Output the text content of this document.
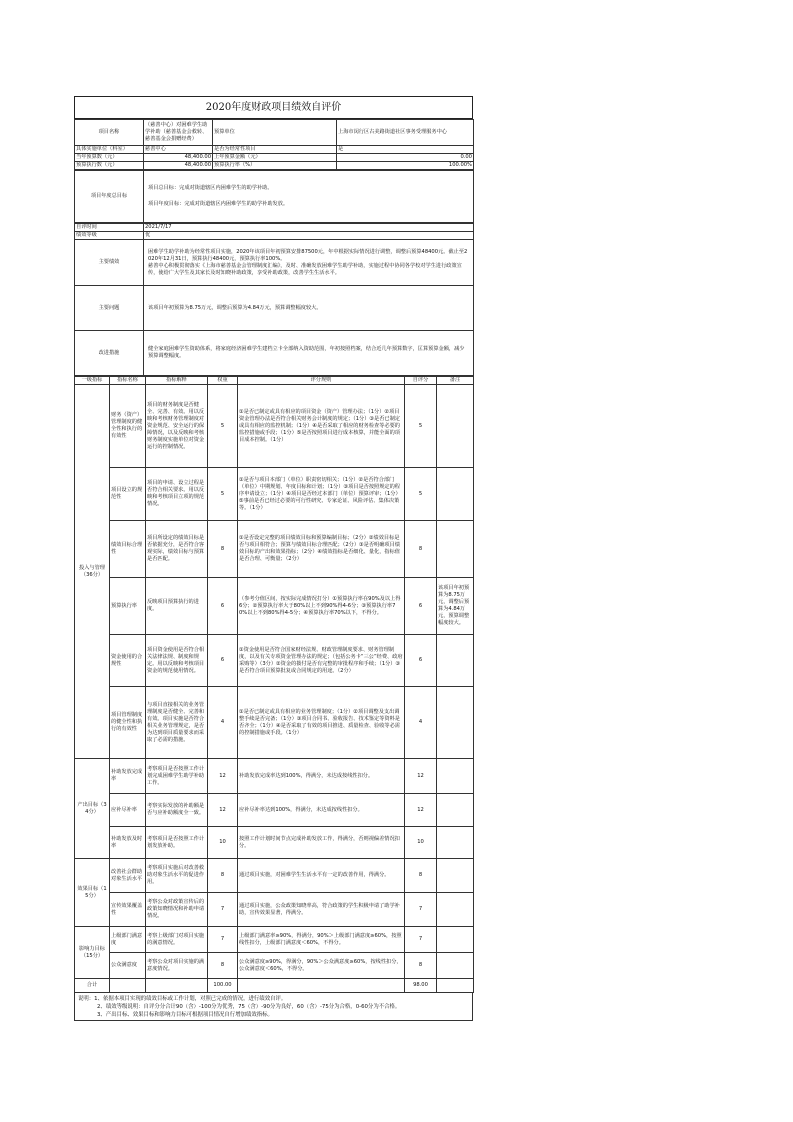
2020年度财政项目绩效自评价
项目名称	（慈善中心）对困难学生助学补助（慈善基金会救转、慈善基金会捐赠经费）	预算单位	上海市闵行区古美路街道社区事务受理服务中心
具体实施单位（科室）	慈善中心	是否为经常性项目	是
当年预算数（元）	48,400.00	上年预算金额（元）	0.00
预算执行数（元）	48,400.00	预算执行率（%）	100.00%
项目年度总目标	
项目总目标：完成对街道辖区内困难学生的助学补助。
项目年度目标：完成对街道辖区内困难学生的助学补助发放。
自评时间	2021/7/17
绩效等级	优
主要绩效	困难学生助学补助为经常性项目实施，2020年该项目年初预算安排87500元，年中根据实际情况进行调整，调整后预算48400元。截止至2020年12月31日，预算执行48400元，预算执行率100%。
慈善中心积极贯彻落实《上海市慈善基金会管理制度汇编》，及时、准确发放困难学生助学补助，实施过程中协同各学校对学生进行政策宣传，使给广大学生及其家长及时知晓补助政策，享受补助政策，改善学生生活水平。
主要问题	该项目年初预算为8.75万元，调整后预算为4.84万元，预算调整幅度较大。
改进措施	健全家庭困难学生资助体系，将家庭经济困难学生建档立卡全部纳入资助范围，年初按照档案，结合近几年预算数字，匡算预算金额，减少预算调整幅度。
一级指标	指标名称	指标解释	权重	评分规则	自评分	备注
投入与管理（36分）	财务（资产）管理制度的健全性和执行的有效性	项目的财务制度是否健全、完善、有效。用以反映和考核财务管理制度对资金规范、安全运行的保障情况，以及反映和考核财务制度实施单位对资金运行的控制情况。	5	①是否已制定或具有相应的项目资金（资产）管理办法；（1分）②项目资金管理办法是否符合相关财务会计制度的规定；（1分）③是否已制定或具有相应的监控机制；（1分）④是否采取了相应的财务检查等必要的监控措施或手段；（1分）⑤是否按照项目进行成本核算，并能全面的项目成本控制。（1分）	5	
	项目设立的规范性	项目的申请、设立过程是否符合相关要求。用以反映和考核项目立项的规范情况。	5	①是否与项目本部门（单位）职责密切相关；（1分）②是否符合部门（单位）中期规划、年度目标和计划；（1分）③项目是否按照规定的程序申请设立；（1分）④项目是否经过本部门（单位）预算评审；（1分）⑤事前是否已经过必要的可行性研究、专家论证、风险评估、集体决策等。（1分）	5	
	绩效目标合理性	项目所设定的绩效目标是否依据充分，是否符合客观实际，绩效目标与预算是否匹配。	8	①是否设定完整的项目绩效目标和预算编制目标；（2分）②绩效目标是否与项目相符合；预算与绩效目标合理匹配；（2分）③是否明确项目绩效目标的产出和效果指标；（2分）④绩效指标是否细化、量化，指标值是否合理、可衡量；（2分）	8	
	预算执行率	反映项目预算执行的进度。	6	（参考分值区间，按实际完成情况打分）①预算执行率在90%及以上得6分；②预算执行率大于80%以上不到90%得4-6分；③预算执行率70%以上不到80%得4-5分；④预算执行率70%以下，不得分。	6	该项目年初预算为8.75万元，调整后预算为4.84万元，预算调整幅度较大。
	资金使用的合规性	项目资金使用是否符合相关法律法规、制度和规定。用以反映和考核项目资金的规范使用情况。	6	①资金使用是否符合国家财经法规、财政管理制度要求、财务管理制度，以及有关专项资金管理办法的规定；（包括公务卡“三公”经费、政府采购等）（3分）②资金的拨付是否有完整的审批程序和手续；（1分）③是否符合项目预算批复或合同规定的用途。（2分）	6	
	项目管理制度的健全性和执行的有效性	与项目直接相关的业务管理制度是否健全、完善和有效。项目实施是否符合相关业务管理规定，是否为达到项目质量要求而采取了必需的措施。	4	①是否已制定或具有相应的业务管理制度；（1分）②项目调整及支出调整手续是否完备；（1分）③项目合同书、验收报告、技术鉴定等资料是否齐全；（1分）④是否采取了有效的项目推进、质量检查、验收等必需的控制措施或手段。（1分）	4	
产出目标（34分）	补助发放完成率	考察项目是否按照工作计划完成困难学生助学补助工作。	12	补助发放完成率达到100%，得满分，未达成按线性扣分。	12	
	应补尽补率	考察实际发放的补助额是否与应补助额度全一致。	12	应补尽补率达到100%，得满分，未达成按线性扣分。	12	
	补助发放及时率	考察项目是否按照工作计划发放补助。	10	按照工作计划时间节点完成补助发放工作，得满分，否则视偏差情况扣分。	10	
效果目标（15分）	改善社会群助对象生活水平	考察项目实施后对改善救助对象生活水平的促进作用。	8	通过项目实施，对困难学生生活水平有一定的改善作用，得满分。	8	
	宣传效果覆盖性	考察公众对政策宣传后的政策知晓情况和补助申请情况。	7	通过项目实施，公众政策知晓率高，符合政策的学生积极申请了助学补助，宣传效果显著，得满分。	7	
影响力目标（15分）	上级部门满意度	考察上级部门对项目实施的满意情况。	7	上级部门满意率≥90%，得满分，90%＞上级部门满意度≥60%，按照线性扣分，上级部门满意度＜60%，不得分。	7	
	公众满意度	考察公众对项目实施的满意度情况。	8	公众满意度≥90%，得满分，90%＞公众满意度≥60%，按线性扣分，公众满意度＜60%，不得分。	8	
合计			100.00		98.00	
说明：1、依据本项目实现的绩效目标或工作计划，对照已完成的情况，进行绩效自评。
2、绩效等级说明：自评分分合计90（含）-100分为优秀，75（含）-90分为良好，60（含）-75分为合格，0-60分为不合格。
3、产出目标、效果目标和影响力目标可根据项目情况自行增加绩效指标。
